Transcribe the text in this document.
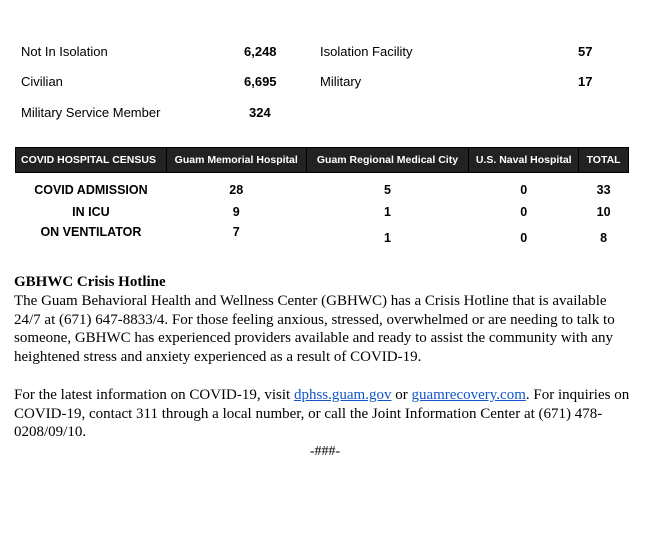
Not In Isolation	6,248	Isolation Facility	57
Civilian	6,695	Military	17
Military Service Member	324
COVID HOSPITAL CENSUS	Guam Memorial Hospital	Guam Regional Medical City	U.S. Naval Hospital	TOTAL
COVID ADMISSION	28	5	0	33
IN ICU	9	1	0	10
ON VENTILATOR	7	1	0	8
GBHWC Crisis Hotline
The Guam Behavioral Health and Wellness Center (GBHWC) has a Crisis Hotline that is available 24/7 at (671) 647-8833/4. For those feeling anxious, stressed, overwhelmed or are needing to talk to someone, GBHWC has experienced providers available and ready to assist the community with any heightened stress and anxiety experienced as a result of COVID-19.
For the latest information on COVID-19, visit dphss.guam.gov or guamrecovery.com. For inquiries on COVID-19, contact 311 through a local number, or call the Joint Information Center at (671) 478-0208/09/10.
-###-
